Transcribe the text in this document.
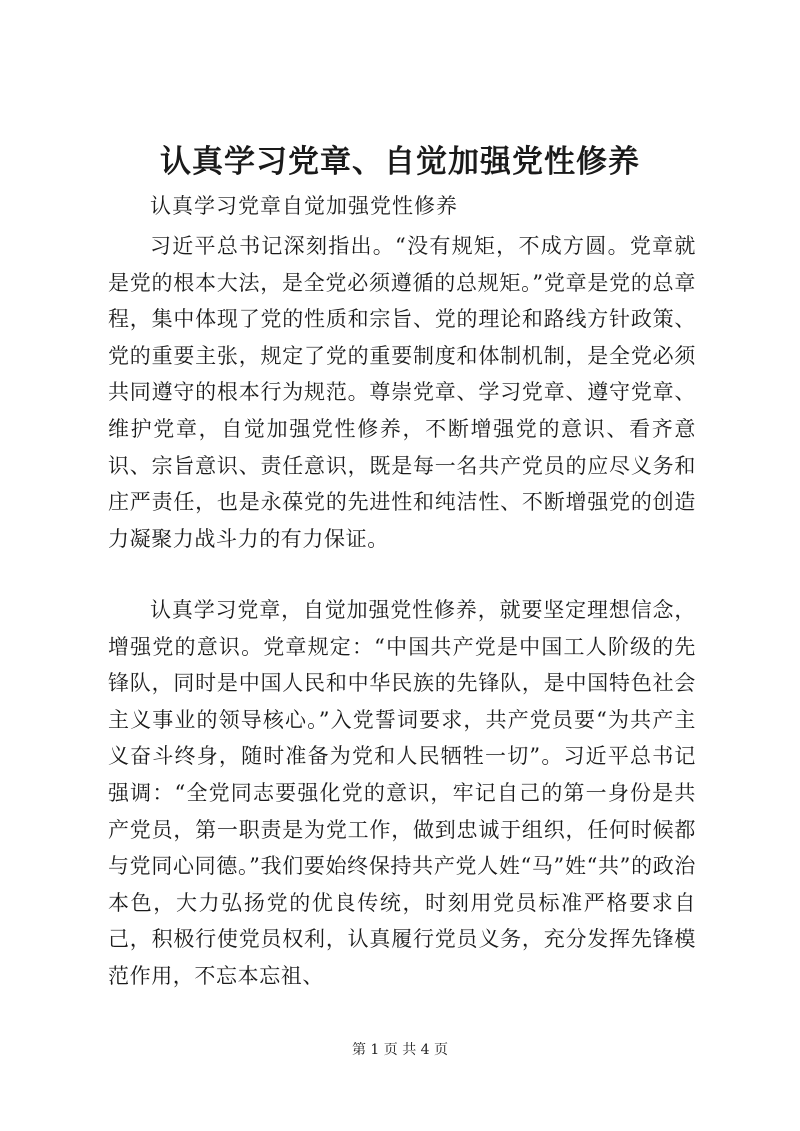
认真学习党章、自觉加强党性修养

认真学习党章自觉加强党性修养

习近平总书记深刻指出。“没有规矩，不成方圆。党章就是党的根本大法，是全党必须遵循的总规矩。”党章是党的总章程，集中体现了党的性质和宗旨、党的理论和路线方针政策、党的重要主张，规定了党的重要制度和体制机制，是全党必须共同遵守的根本行为规范。尊崇党章、学习党章、遵守党章、维护党章，自觉加强党性修养，不断增强党的意识、看齐意识、宗旨意识、责任意识，既是每一名共产党员的应尽义务和庄严责任，也是永葆党的先进性和纯洁性、不断增强党的创造力凝聚力战斗力的有力保证。

认真学习党章，自觉加强党性修养，就要坚定理想信念，增强党的意识。党章规定：“中国共产党是中国工人阶级的先锋队，同时是中国人民和中华民族的先锋队，是中国特色社会主义事业的领导核心。”入党誓词要求，共产党员要“为共产主义奋斗终身，随时准备为党和人民牺牲一切”。习近平总书记强调：“全党同志要强化党的意识，牢记自己的第一身份是共产党员，第一职责是为党工作，做到忠诚于组织，任何时候都与党同心同德。”我们要始终保持共产党人姓“马”姓“共”的政治本色，大力弘扬党的优良传统，时刻用党员标准严格要求自己，积极行使党员权利，认真履行党员义务，充分发挥先锋模范作用，不忘本忘祖、

第 1 页 共 4 页
